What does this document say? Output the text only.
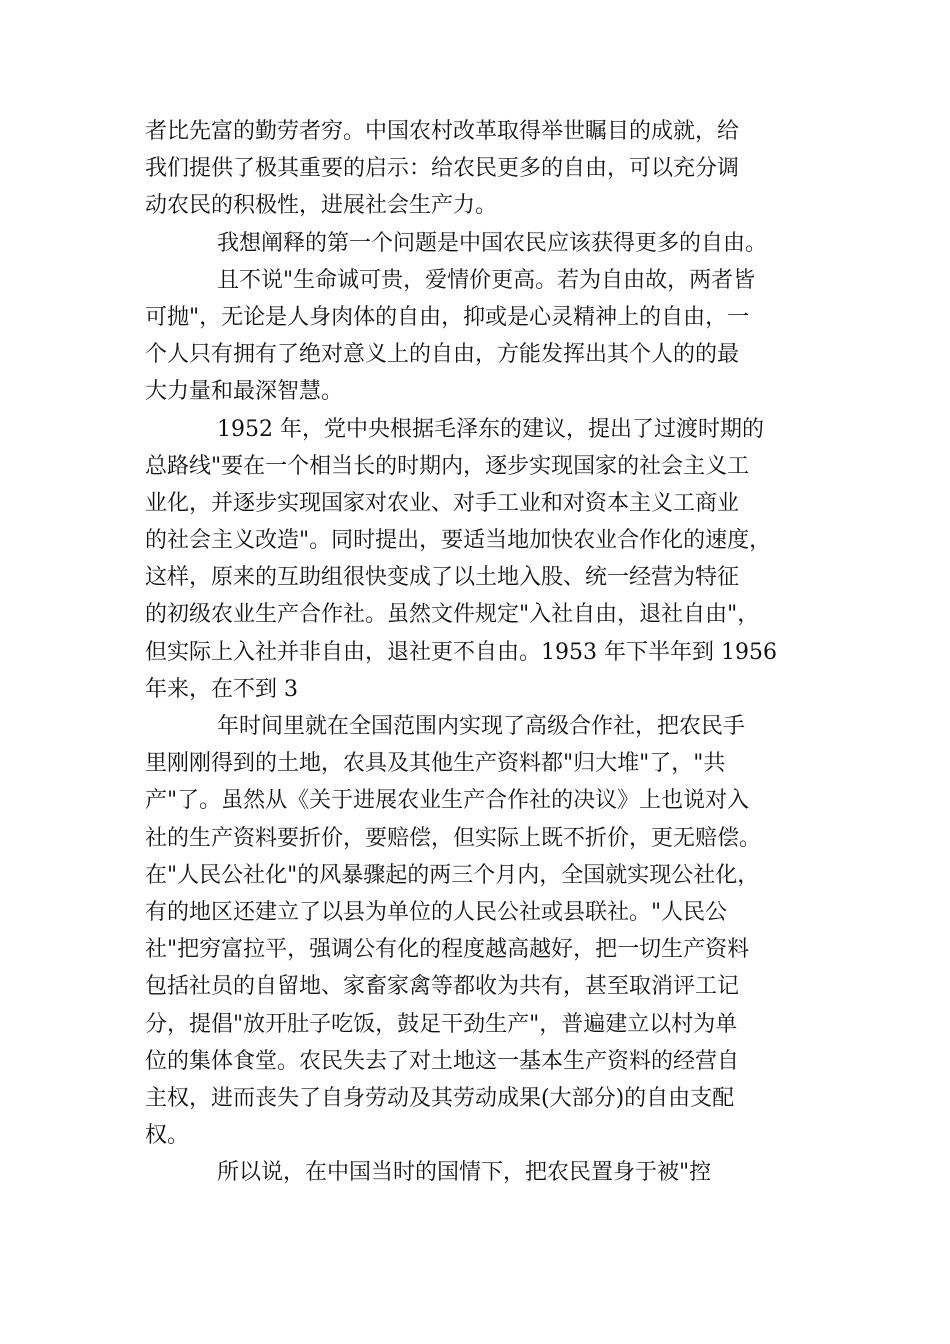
者比先富的勤劳者穷。中国农村改革取得举世瞩目的成就，给
我们提供了极其重要的启示：给农民更多的自由，可以充分调
动农民的积极性，进展社会生产力。
我想阐释的第一个问题是中国农民应该获得更多的自由。
且不说"生命诚可贵，爱情价更高。若为自由故，两者皆
可抛"，无论是人身肉体的自由，抑或是心灵精神上的自由，一
个人只有拥有了绝对意义上的自由，方能发挥出其个人的的最
大力量和最深智慧。
1952 年，党中央根据毛泽东的建议，提出了过渡时期的
总路线"要在一个相当长的时期内，逐步实现国家的社会主义工
业化，并逐步实现国家对农业、对手工业和对资本主义工商业
的社会主义改造"。同时提出，要适当地加快农业合作化的速度，
这样，原来的互助组很快变成了以土地入股、统一经营为特征
的初级农业生产合作社。虽然文件规定"入社自由，退社自由"，
但实际上入社并非自由，退社更不自由。1953 年下半年到 1956
年来，在不到 3
年时间里就在全国范围内实现了高级合作社，把农民手
里刚刚得到的土地，农具及其他生产资料都"归大堆"了，"共
产"了。虽然从《关于进展农业生产合作社的决议》上也说对入
社的生产资料要折价，要赔偿，但实际上既不折价，更无赔偿。
在"人民公社化"的风暴骤起的两三个月内，全国就实现公社化，
有的地区还建立了以县为单位的人民公社或县联社。"人民公
社"把穷富拉平，强调公有化的程度越高越好，把一切生产资料
包括社员的自留地、家畜家禽等都收为共有，甚至取消评工记
分，提倡"放开肚子吃饭，鼓足干劲生产"，普遍建立以村为单
位的集体食堂。农民失去了对土地这一基本生产资料的经营自
主权，进而丧失了自身劳动及其劳动成果(大部分)的自由支配
权。
所以说，在中国当时的国情下，把农民置身于被"控
